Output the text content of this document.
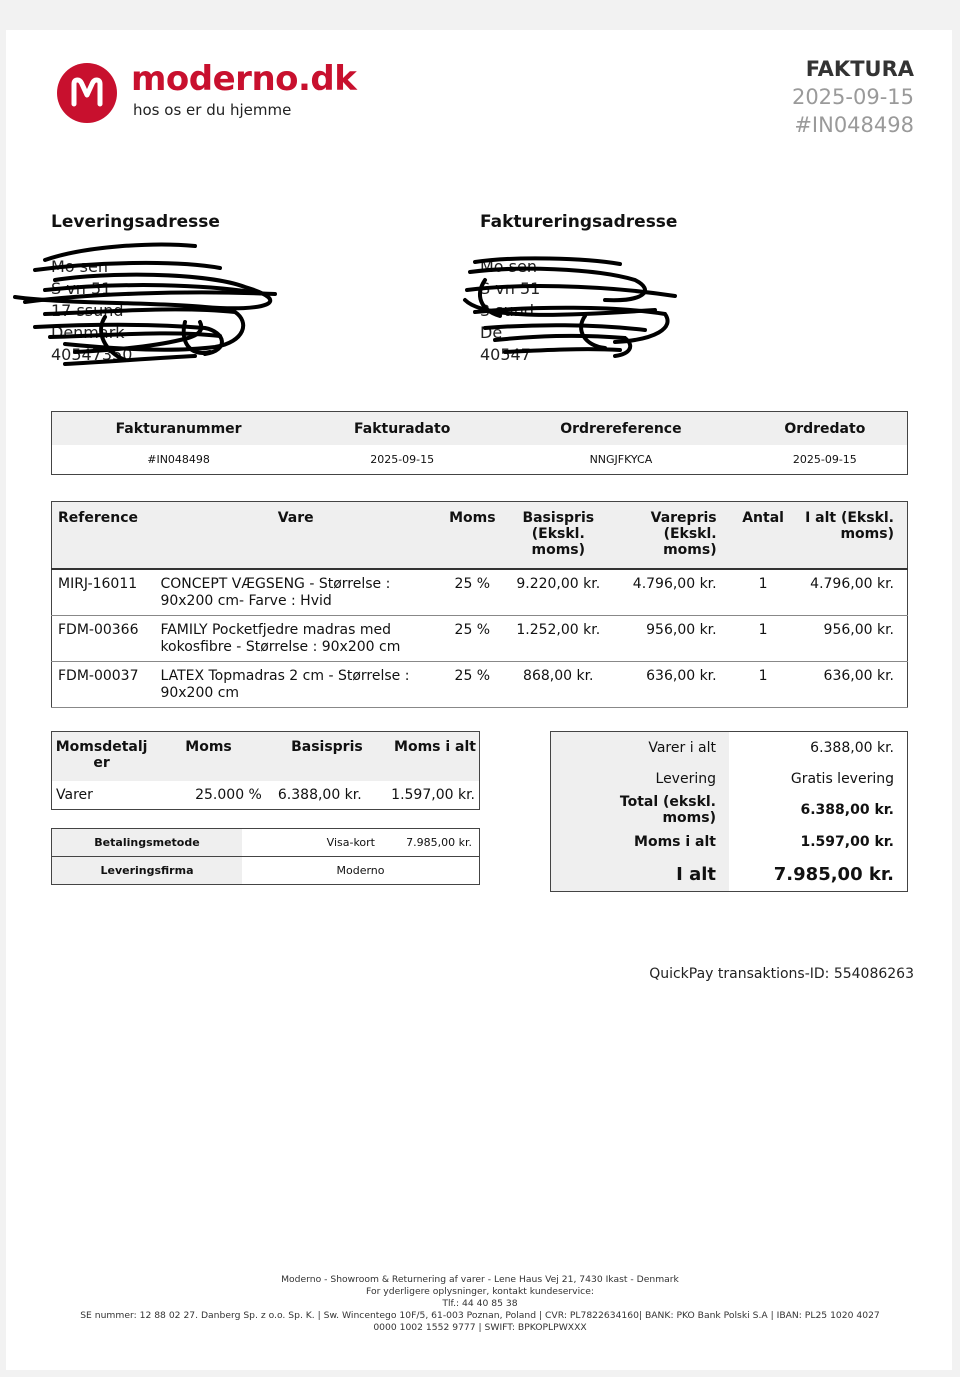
moderno.dk
hos os er du hjemme
FAKTURA
2025-09-15
#IN048498
Leveringsadresse	Faktureringsadresse
Mo sen
S vn 51
17 ssund
Denmark
40547350
Mo sen
S vn 51
3 sund
De
40547
Fakturanummer	Fakturadato	Ordrereference	Ordredato
#IN048498	2025-09-15	NNGJFKYCA	2025-09-15
Reference	Vare	Moms	Basispris (Ekskl. moms)	Varepris (Ekskl. moms)	Antal	I alt (Ekskl. moms)
MIRJ-16011	CONCEPT VÆGSENG - Størrelse : 90x200 cm- Farve : Hvid	25 %	9.220,00 kr.	4.796,00 kr.	1	4.796,00 kr.
FDM-00366	FAMILY Pocketfjedre madras med kokosfibre - Størrelse : 90x200 cm	25 %	1.252,00 kr.	956,00 kr.	1	956,00 kr.
FDM-00037	LATEX Topmadras 2 cm - Størrelse : 90x200 cm	25 %	868,00 kr.	636,00 kr.	1	636,00 kr.
Momsdetaljer	Moms	Basispris	Moms i alt
Varer	25.000 %	6.388,00 kr.	1.597,00 kr.
Betalingsmetode	Visa-kort	7.985,00 kr.
Leveringsfirma	Moderno	
Varer i alt	6.388,00 kr.
Levering	Gratis levering
Total (ekskl. moms)	6.388,00 kr.
Moms i alt	1.597,00 kr.
I alt	7.985,00 kr.
QuickPay transaktions-ID: 554086263
Moderno - Showroom & Returnering af varer - Lene Haus Vej 21, 7430 Ikast - Denmark
For yderligere oplysninger, kontakt kundeservice:
Tlf.: 44 40 85 38
SE nummer: 12 88 02 27. Danberg Sp. z o.o. Sp. K. | Sw. Wincentego 10F/5, 61-003 Poznan, Poland | CVR: PL7822634160| BANK: PKO Bank Polski S.A | IBAN: PL25 1020 4027
0000 1002 1552 9777 | SWIFT: BPKOPLPWXXX
